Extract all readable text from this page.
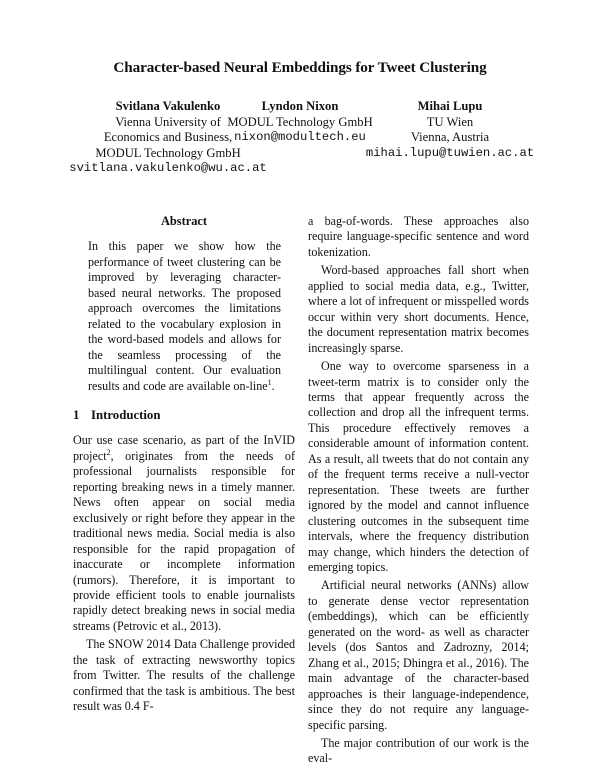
Character-based Neural Embeddings for Tweet Clustering
Svitlana Vakulenko
Vienna University of
Economics and Business,
MODUL Technology GmbH
svitlana.vakulenko@wu.ac.at
Lyndon Nixon
MODUL Technology GmbH
nixon@modultech.eu
Mihai Lupu
TU Wien
Vienna, Austria
mihai.lupu@tuwien.ac.at
Abstract
In this paper we show how the performance of tweet clustering can be improved by leveraging character-based neural networks. The proposed approach overcomes the limitations related to the vocabulary explosion in the word-based models and allows for the seamless processing of the multilingual content. Our evaluation results and code are available on-line$^1$.
1 Introduction

Our use case scenario, as part of the InVID project$^2$, originates from the needs of professional journalists responsible for reporting breaking news in a timely manner. News often appear on social media exclusively or right before they appear in the traditional news media. Social media is also responsible for the rapid propagation of inaccurate or incomplete information (rumors). Therefore, it is important to provide efficient tools to enable journalists rapidly detect breaking news in social media streams (Petrovic et al., 2013).

The SNOW 2014 Data Challenge provided the task of extracting newsworthy topics from Twitter. The results of the challenge confirmed that the task is ambitious. The best result was 0.4 F-

a bag-of-words. These approaches also require language-specific sentence and word tokenization.

Word-based approaches fall short when applied to social media data, e.g., Twitter, where a lot of infrequent or misspelled words occur within very short documents. Hence, the document representation matrix becomes increasingly sparse.

One way to overcome sparseness in a tweet-term matrix is to consider only the terms that appear frequently across the collection and drop all the infrequent terms. This procedure effectively removes a considerable amount of information content. As a result, all tweets that do not contain any of the frequent terms receive a null-vector representation. These tweets are further ignored by the model and cannot influence clustering outcomes in the subsequent time intervals, where the frequency distribution may change, which hinders the detection of emerging topics.

Artificial neural networks (ANNs) allow to generate dense vector representation (embeddings), which can be efficiently generated on the word- as well as character levels (dos Santos and Zadrozny, 2014; Zhang et al., 2015; Dhingra et al., 2016). The main advantage of the character-based approaches is their language-independence, since they do not require any language-specific parsing.

The major contribution of our work is the eval-
